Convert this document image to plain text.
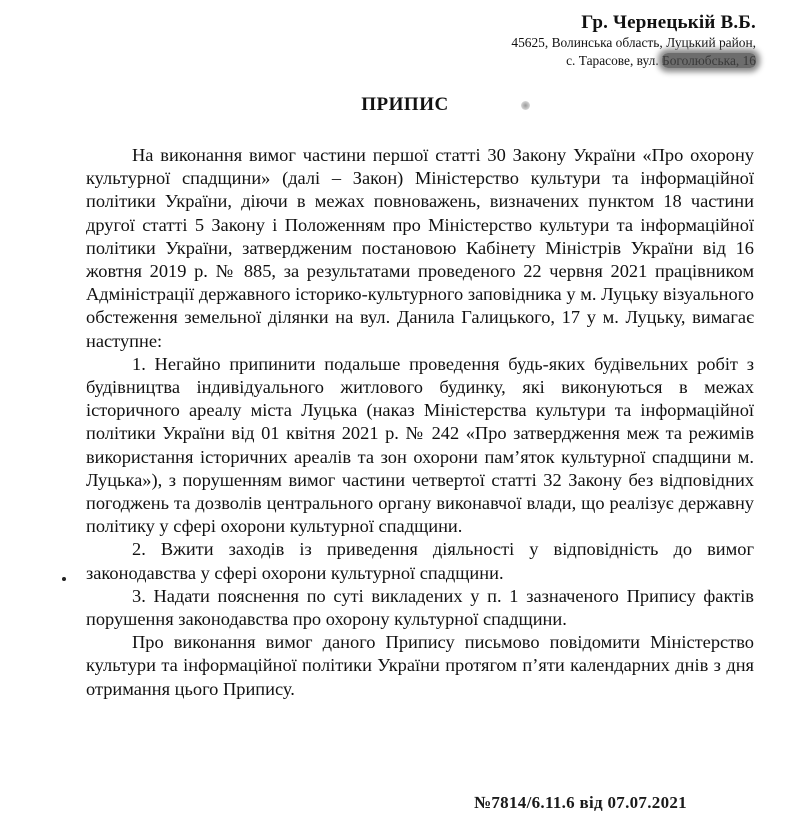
Гр. Чернецькій В.Б.
45625, Волинська область, Луцький район,
с. Тарасове, вул. Боголюбська, 16
ПРИПИС

На виконання вимог частини першої статті 30 Закону України «Про охорону культурної спадщини» (далі – Закон) Міністерство культури та інформаційної політики України, діючи в межах повноважень, визначених пунктом 18 частини другої статті 5 Закону і Положенням про Міністерство культури та інформаційної політики України, затвердженим постановою Кабінету Міністрів України від 16 жовтня 2019 р. № 885, за результатами проведеного 22 червня 2021 працівником Адміністрації державного історико-культурного заповідника у м. Луцьку візуального обстеження земельної ділянки на вул. Данила Галицького, 17 у м. Луцьку, вимагає наступне:

1. Негайно припинити подальше проведення будь-яких будівельних робіт з будівництва індивідуального житлового будинку, які виконуються в межах історичного ареалу міста Луцька (наказ Міністерства культури та інформаційної політики України від 01 квітня 2021 р. № 242 «Про затвердження меж та режимів використання історичних ареалів та зон охорони пам’яток культурної спадщини м. Луцька»), з порушенням вимог частини четвертої статті 32 Закону без відповідних погоджень та дозволів центрального органу виконавчої влади, що реалізує державну політику у сфері охорони культурної спадщини.

2. Вжити заходів із приведення діяльності у відповідність до вимог законодавства у сфері охорони культурної спадщини.

3. Надати пояснення по суті викладених у п. 1 зазначеного Припису фактів порушення законодавства про охорону культурної спадщини.

Про виконання вимог даного Припису письмово повідомити Міністерство культури та інформаційної політики України протягом п’яти календарних днів з дня отримання цього Припису.

№7814/6.11.6 від 07.07.2021
